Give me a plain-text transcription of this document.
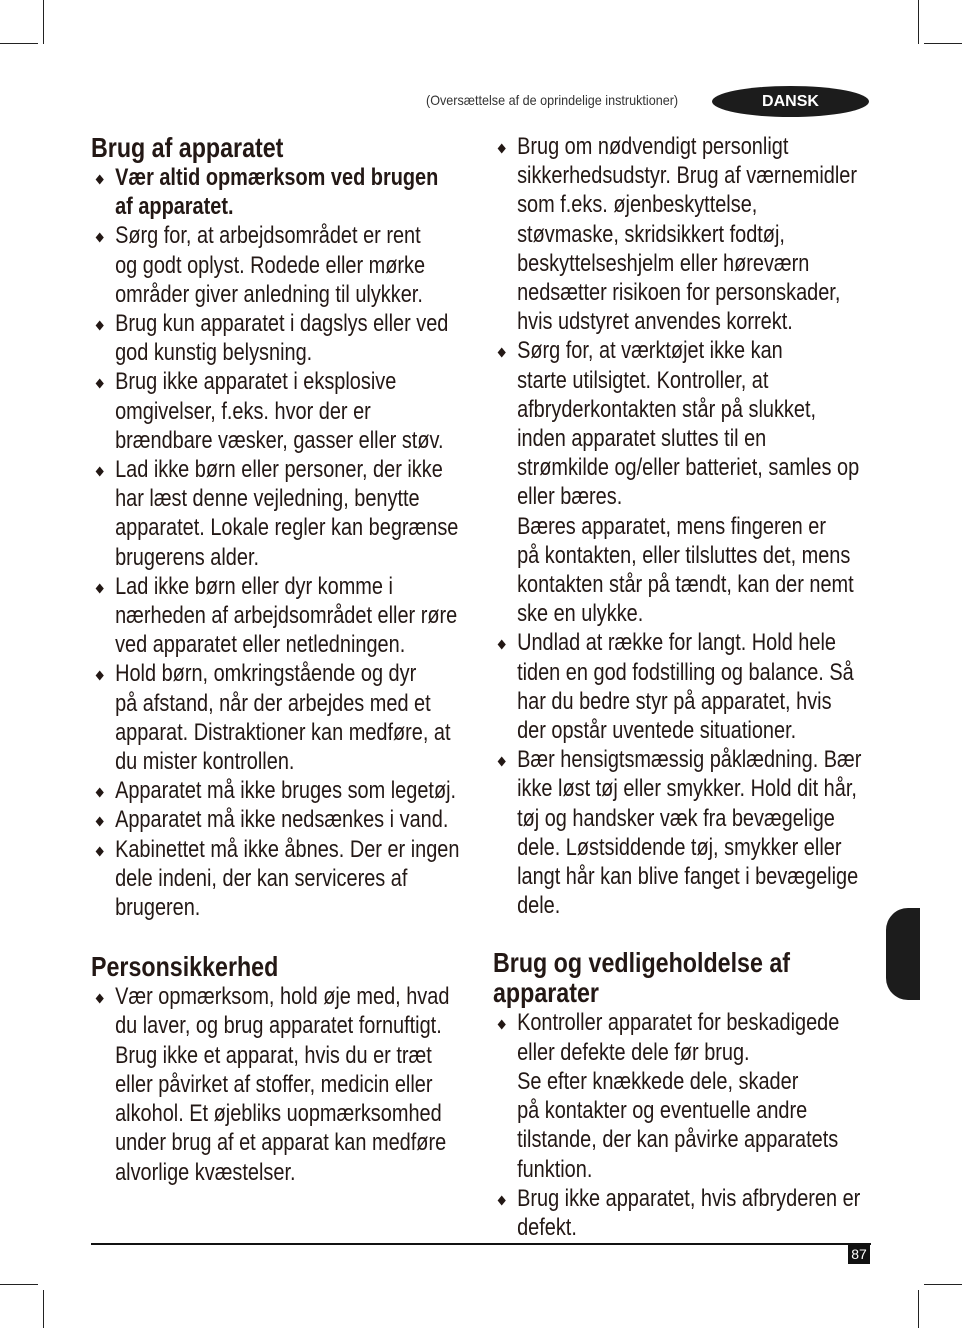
(Oversættelse af de oprindelige instruktioner)	DANSK
Brug af apparatet
Vær altid opmærksom ved brugen
af apparatet.
Sørg for, at arbejdsområdet er rent
og godt oplyst. Rodede eller mørke
områder giver anledning til ulykker.
Brug kun apparatet i dagslys eller ved
god kunstig belysning.
Brug ikke apparatet i eksplosive
omgivelser, f.eks. hvor der er
brændbare væsker, gasser eller støv.
Lad ikke børn eller personer, der ikke
har læst denne vejledning, benytte
apparatet. Lokale regler kan begrænse
brugerens alder.
Lad ikke børn eller dyr komme i
nærheden af arbejdsområdet eller røre
ved apparatet eller netledningen.
Hold børn, omkringstående og dyr
på afstand, når der arbejdes med et
apparat. Distraktioner kan medføre, at
du mister kontrollen.
Apparatet må ikke bruges som legetøj.
Apparatet må ikke nedsænkes i vand.
Kabinettet må ikke åbnes. Der er ingen
dele indeni, der kan serviceres af
brugeren.
Personsikkerhed
Vær opmærksom, hold øje med, hvad
du laver, og brug apparatet fornuftigt.
Brug ikke et apparat, hvis du er træt
eller påvirket af stoffer, medicin eller
alkohol. Et øjebliks uopmærksomhed
under brug af et apparat kan medføre
alvorlige kvæstelser.
Brug om nødvendigt personligt
sikkerhedsudstyr. Brug af værnemidler
som f.eks. øjenbeskyttelse,
støvmaske, skridsikkert fodtøj,
beskyttelseshjelm eller høreværn
nedsætter risikoen for personskader,
hvis udstyret anvendes korrekt.
Sørg for, at værktøjet ikke kan
starte utilsigtet. Kontroller, at
afbryderkontakten står på slukket,
inden apparatet sluttes til en
strømkilde og/eller batteriet, samles op
eller bæres.
Bæres apparatet, mens fingeren er
på kontakten, eller tilsluttes det, mens
kontakten står på tændt, kan der nemt
ske en ulykke.
Undlad at række for langt. Hold hele
tiden en god fodstilling og balance. Så
har du bedre styr på apparatet, hvis
der opstår uventede situationer.
Bær hensigtsmæssig påklædning. Bær
ikke løst tøj eller smykker. Hold dit hår,
tøj og handsker væk fra bevægelige
dele. Løstsiddende tøj, smykker eller
langt hår kan blive fanget i bevægelige
dele.
Brug og vedligeholdelse af
apparater
Kontroller apparatet for beskadigede
eller defekte dele før brug.
Se efter knækkede dele, skader
på kontakter og eventuelle andre
tilstande, der kan påvirke apparatets
funktion.
Brug ikke apparatet, hvis afbryderen er
defekt.
87
